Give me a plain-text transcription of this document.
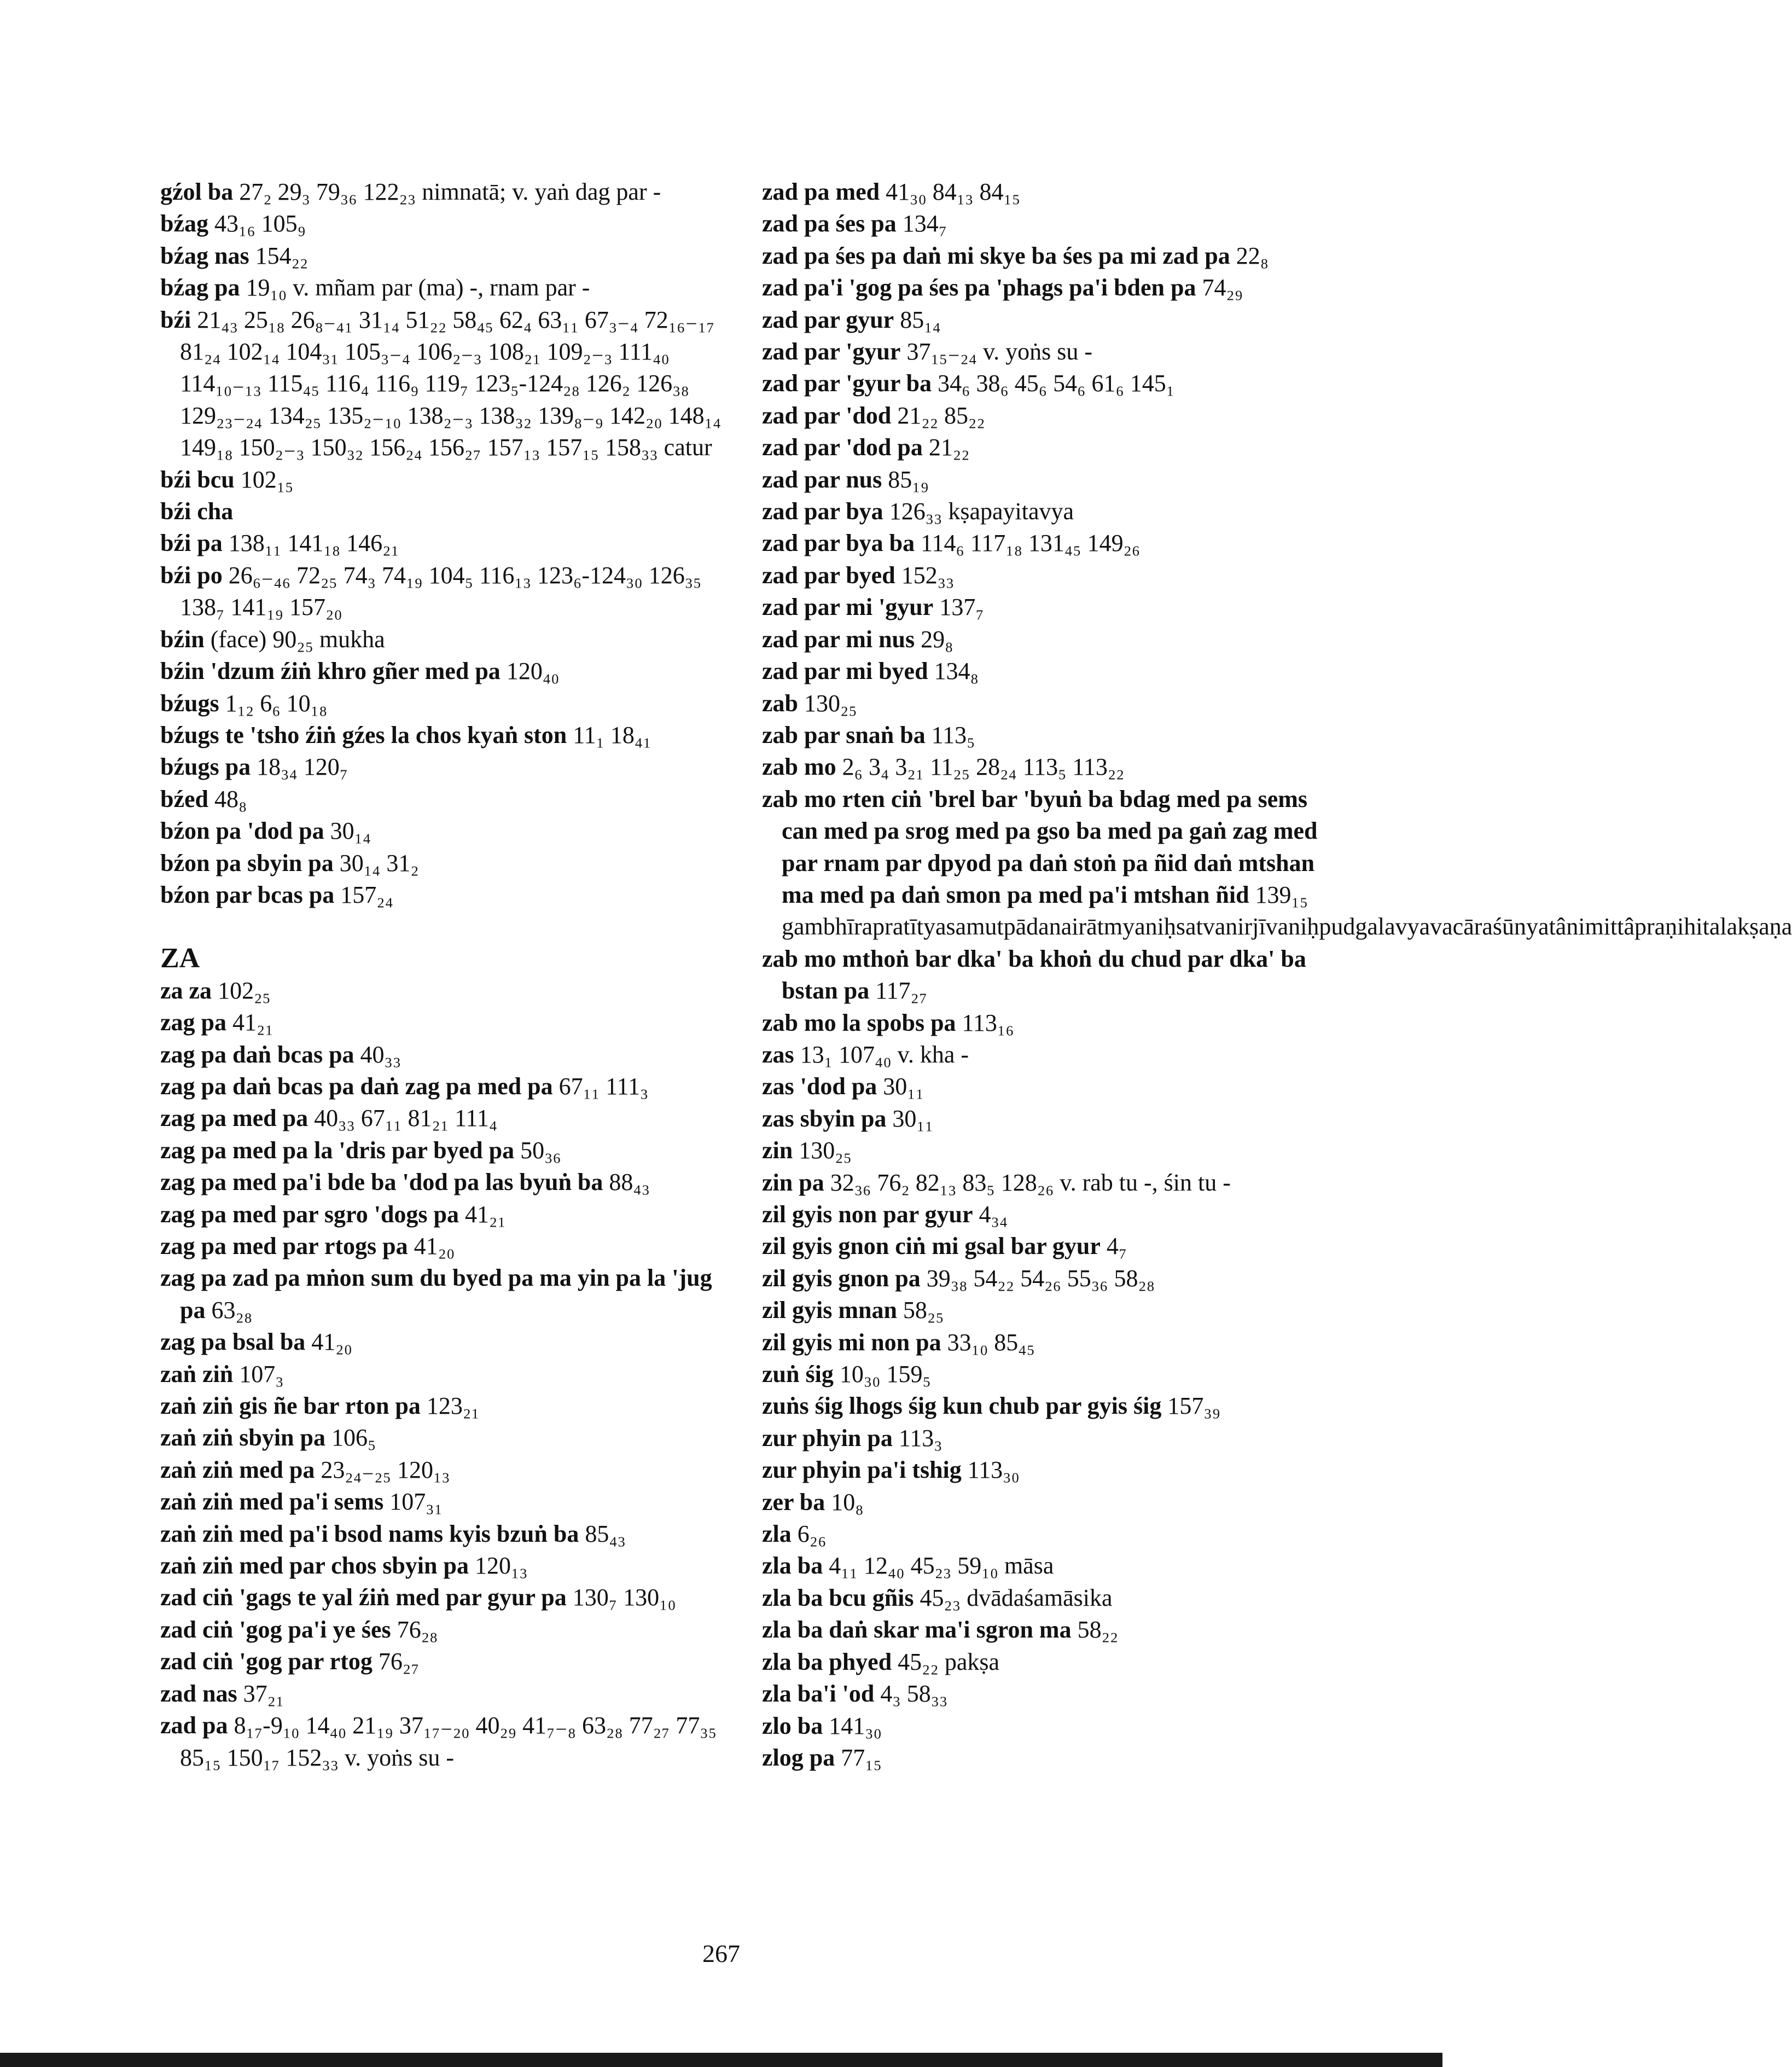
gźol ba 27₂ 29₃ 79₃₆ 122₂₃ nimnatā; v. yaṅ dag par -
bźag 43₁₆ 105₉
bźag nas 154₂₂
bźag pa 19₁₀ v. mñam par (ma) -, rnam par -
bźi 21₄₃ 25₁₈ 26₈₋₄₁ 31₁₄ 51₂₂ 58₄₅ 62₄ 63₁₁ 67₃₋₄ 72₁₆₋₁₇ 81₂₄ 102₁₄ 104₃₁ 105₃₋₄ 106₂₋₃ 108₂₁ 109₂₋₃ 111₄₀ 114₁₀₋₁₃ 115₄₅ 116₄ 116₉ 119₇ 123₅-124₂₈ 126₂ 126₃₈ 129₂₃₋₂₄ 134₂₅ 135₂₋₁₀ 138₂₋₃ 138₃₂ 139₈₋₉ 142₂₀ 148₁₄ 149₁₈ 150₂₋₃ 150₃₂ 156₂₄ 156₂₇ 157₁₃ 157₁₅ 158₃₃ catur
bźi bcu 102₁₅
bźi cha
bźi pa 138₁₁ 141₁₈ 146₂₁
bźi po 26₆₋₄₆ 72₂₅ 74₃ 74₁₉ 104₅ 116₁₃ 123₆-124₃₀ 126₃₅ 138₇ 141₁₉ 157₂₀
bźin (face) 90₂₅ mukha
bźin 'dzum źiṅ khro gñer med pa 120₄₀
bźugs 1₁₂ 6₆ 10₁₈
bźugs te 'tsho źiṅ gźes la chos kyaṅ ston 11₁ 18₄₁
bźugs pa 18₃₄ 120₇
bźed 48₈
bźon pa 'dod pa 30₁₄
bźon pa sbyin pa 30₁₄ 31₂
bźon par bcas pa 157₂₄
ZA
za za 102₂₅
zag pa 41₂₁
zag pa daṅ bcas pa 40₃₃
zag pa daṅ bcas pa daṅ zag pa med pa 67₁₁ 111₃
zag pa med pa 40₃₃ 67₁₁ 81₂₁ 111₄
zag pa med pa la 'dris par byed pa 50₃₆
zag pa med pa'i bde ba 'dod pa las byuṅ ba 88₄₃
zag pa med par sgro 'dogs pa 41₂₁
zag pa med par rtogs pa 41₂₀
zag pa zad pa mṅon sum du byed pa ma yin pa la 'jug pa 63₂₈
zag pa bsal ba 41₂₀
zaṅ ziṅ 107₃
zaṅ ziṅ gis ñe bar rton pa 123₂₁
zaṅ ziṅ sbyin pa 106₅
zaṅ ziṅ med pa 23₂₄₋₂₅ 120₁₃
zaṅ ziṅ med pa'i sems 107₃₁
zaṅ ziṅ med pa'i bsod nams kyis bzuṅ ba 85₄₃
zaṅ ziṅ med par chos sbyin pa 120₁₃
zad ciṅ 'gags te yal źiṅ med par gyur pa 130₇ 130₁₀
zad ciṅ 'gog pa'i ye śes 76₂₈
zad ciṅ 'gog par rtog 76₂₇
zad nas 37₂₁
zad pa 8₁₇-9₁₀ 14₄₀ 21₁₉ 37₁₇₋₂₀ 40₂₉ 41₇₋₈ 63₂₈ 77₂₇ 77₃₅ 85₁₅ 150₁₇ 152₃₃ v. yoṅs su -
zad pa med 41₃₀ 84₁₃ 84₁₅
zad pa śes pa 134₇
zad pa śes pa daṅ mi skye ba śes pa mi zad pa 22₈
zad pa'i 'gog pa śes pa 'phags pa'i bden pa 74₂₉
zad par gyur 85₁₄
zad par 'gyur 37₁₅₋₂₄ v. yoṅs su -
zad par 'gyur ba 34₆ 38₆ 45₆ 54₆ 61₆ 145₁
zad par 'dod 21₂₂ 85₂₂
zad par 'dod pa 21₂₂
zad par nus 85₁₉
zad par bya 126₃₃ kṣapayitavya
zad par bya ba 114₆ 117₁₈ 131₄₅ 149₂₆
zad par byed 152₃₃
zad par mi 'gyur 137₇
zad par mi nus 29₈
zad par mi byed 134₈
zab 130₂₅
zab par snaṅ ba 113₅
zab mo 2₆ 3₄ 3₂₁ 11₂₅ 28₂₄ 113₅ 113₂₂
zab mo rten ciṅ 'brel bar 'byuṅ ba bdag med pa sems can med pa srog med pa gso ba med pa gaṅ zag med par rnam par dpyod pa daṅ stoṅ pa ñid daṅ mtshan ma med pa daṅ smon pa med pa'i mtshan ñid 139₁₅ gambhīrapratītyasamutpādanairātmyaniḥsatvanirjīvaniḥpudgalavyavacāraśūnyatânimittâpraṇihitalakṣaṇa
zab mo mthoṅ bar dka' ba khoṅ du chud par dka' ba bstan pa 117₂₇
zab mo la spobs pa 113₁₆
zas 13₁ 107₄₀ v. kha -
zas 'dod pa 30₁₁
zas sbyin pa 30₁₁
zin 130₂₅
zin pa 32₃₆ 76₂ 82₁₃ 83₅ 128₂₆ v. rab tu -, śin tu -
zil gyis non par gyur 4₃₄
zil gyis gnon ciṅ mi gsal bar gyur 4₇
zil gyis gnon pa 39₃₈ 54₂₂ 54₂₆ 55₃₆ 58₂₈
zil gyis mnan 58₂₅
zil gyis mi non pa 33₁₀ 85₄₅
zuṅ śig 10₃₀ 159₅
zuṅs śig lhogs śig kun chub par gyis śig 157₃₉
zur phyin pa 113₃
zur phyin pa'i tshig 113₃₀
zer ba 10₈
zla 6₂₆
zla ba 4₁₁ 12₄₀ 45₂₃ 59₁₀ māsa
zla ba bcu gñis 45₂₃ dvādaśamāsika
zla ba daṅ skar ma'i sgron ma 58₂₂
zla ba phyed 45₂₂ pakṣa
zla ba'i 'od 4₃ 58₃₃
zlo ba 141₃₀
zlog pa 77₁₅
267
